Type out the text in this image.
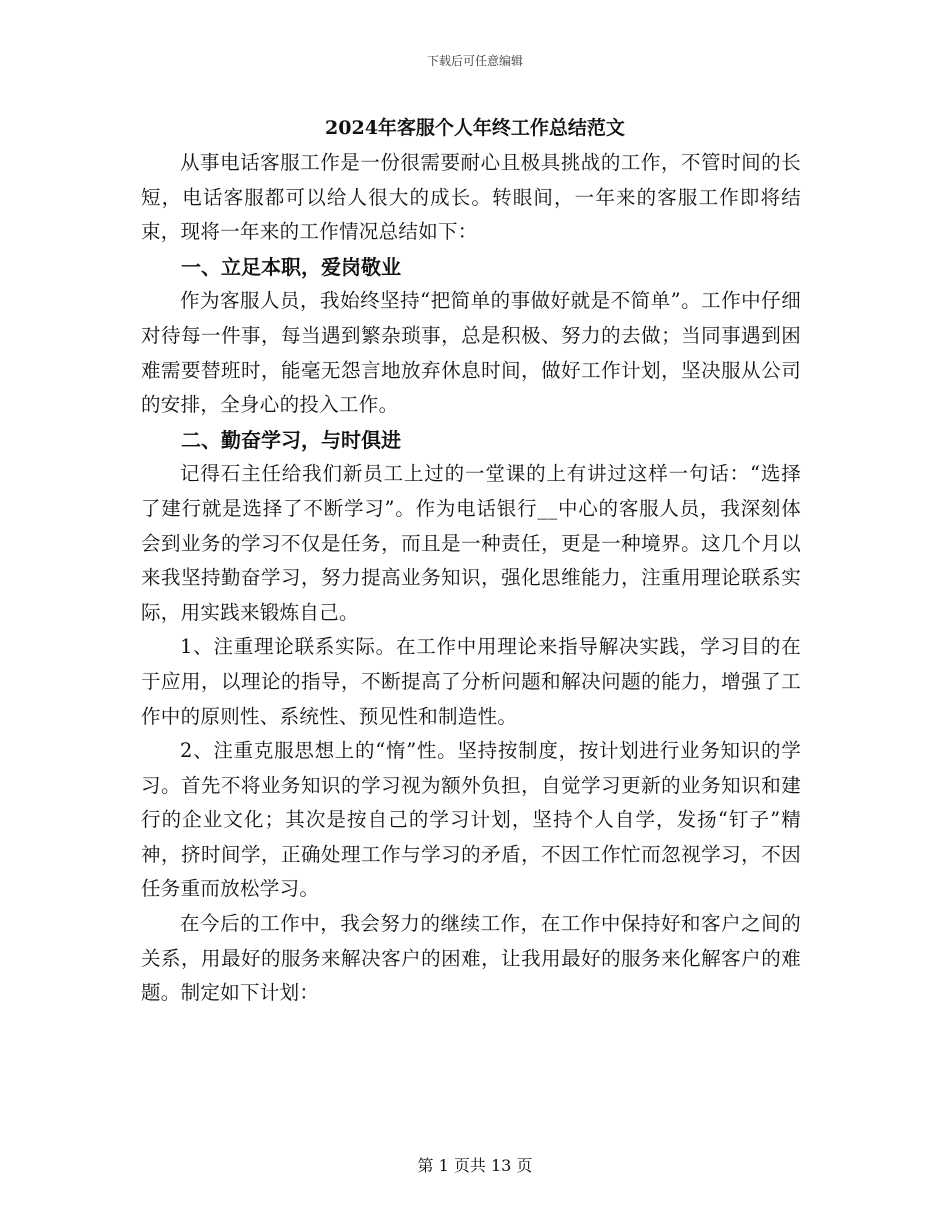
下载后可任意编辑
2024年客服个人年终工作总结范文

从事电话客服工作是一份很需要耐心且极具挑战的工作，不管时间的长短，电话客服都可以给人很大的成长。转眼间，一年来的客服工作即将结束，现将一年来的工作情况总结如下：

一、立足本职，爱岗敬业

作为客服人员，我始终坚持“把简单的事做好就是不简单”。工作中仔细对待每一件事，每当遇到繁杂琐事，总是积极、努力的去做；当同事遇到困难需要替班时，能毫无怨言地放弃休息时间，做好工作计划，坚决服从公司的安排，全身心的投入工作。

二、勤奋学习，与时俱进

记得石主任给我们新员工上过的一堂课的上有讲过这样一句话：“选择了建行就是选择了不断学习”。作为电话银行__中心的客服人员，我深刻体会到业务的学习不仅是任务，而且是一种责任，更是一种境界。这几个月以来我坚持勤奋学习，努力提高业务知识，强化思维能力，注重用理论联系实际，用实践来锻炼自己。

1、注重理论联系实际。在工作中用理论来指导解决实践，学习目的在于应用，以理论的指导，不断提高了分析问题和解决问题的能力，增强了工作中的原则性、系统性、预见性和制造性。

2、注重克服思想上的“惰”性。坚持按制度，按计划进行业务知识的学习。首先不将业务知识的学习视为额外负担，自觉学习更新的业务知识和建行的企业文化；其次是按自己的学习计划，坚持个人自学，发扬“钉子”精神，挤时间学，正确处理工作与学习的矛盾，不因工作忙而忽视学习，不因任务重而放松学习。

在今后的工作中，我会努力的继续工作，在工作中保持好和客户之间的关系，用最好的服务来解决客户的困难，让我用最好的服务来化解客户的难题。制定如下计划：

第 1 页共 13 页
